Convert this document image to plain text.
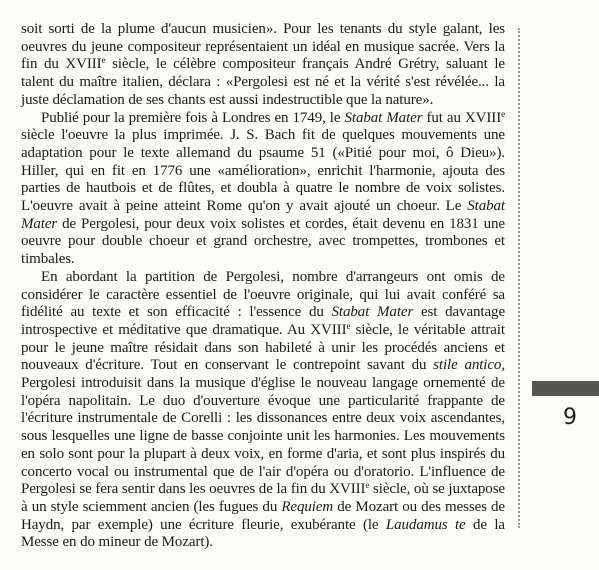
soit sorti de la plume d'aucun musicien». Pour les tenants du style galant, les oeuvres du jeune compositeur représentaient un idéal en musique sacrée. Vers la fin du XVIIIe siècle, le célèbre compositeur français André Grétry, saluant le talent du maître italien, déclara : «Pergolesi est né et la vérité s'est révélée... la juste déclamation de ses chants est aussi indestructible que la nature».

Publié pour la première fois à Londres en 1749, le Stabat Mater fut au XVIIIe siècle l'oeuvre la plus imprimée. J. S. Bach fit de quelques mouvements une adaptation pour le texte allemand du psaume 51 («Pitié pour moi, ô Dieu»). Hiller, qui en fit en 1776 une «amélioration», enrichit l'harmonie, ajouta des parties de hautbois et de flûtes, et doubla à quatre le nombre de voix solistes. L'oeuvre avait à peine atteint Rome qu'on y avait ajouté un choeur. Le Stabat Mater de Pergolesi, pour deux voix solistes et cordes, était devenu en 1831 une oeuvre pour double choeur et grand orchestre, avec trompettes, trombones et timbales.

En abordant la partition de Pergolesi, nombre d'arrangeurs ont omis de considérer le caractère essentiel de l'oeuvre originale, qui lui avait conféré sa fidélité au texte et son efficacité : l'essence du Stabat Mater est davantage introspective et méditative que dramatique. Au XVIIIe siècle, le véritable attrait pour le jeune maître résidait dans son habileté à unir les procédés anciens et nouveaux d'écriture. Tout en conservant le contrepoint savant du stile antico, Pergolesi introduisit dans la musique d'église le nouveau langage ornementé de l'opéra napolitain. Le duo d'ouverture évoque une particularité frappante de l'écriture instrumentale de Corelli : les dissonances entre deux voix ascendantes, sous lesquelles une ligne de basse conjointe unit les harmonies. Les mouvements en solo sont pour la plupart à deux voix, en forme d'aria, et sont plus inspirés du concerto vocal ou instrumental que de l'air d'opéra ou d'oratorio. L'influence de Pergolesi se fera sentir dans les oeuvres de la fin du XVIIIe siècle, où se juxtapose à un style sciemment ancien (les fugues du Requiem de Mozart ou des messes de Haydn, par exemple) une écriture fleurie, exubérante (le Laudamus te de la Messe en do mineur de Mozart).

9
